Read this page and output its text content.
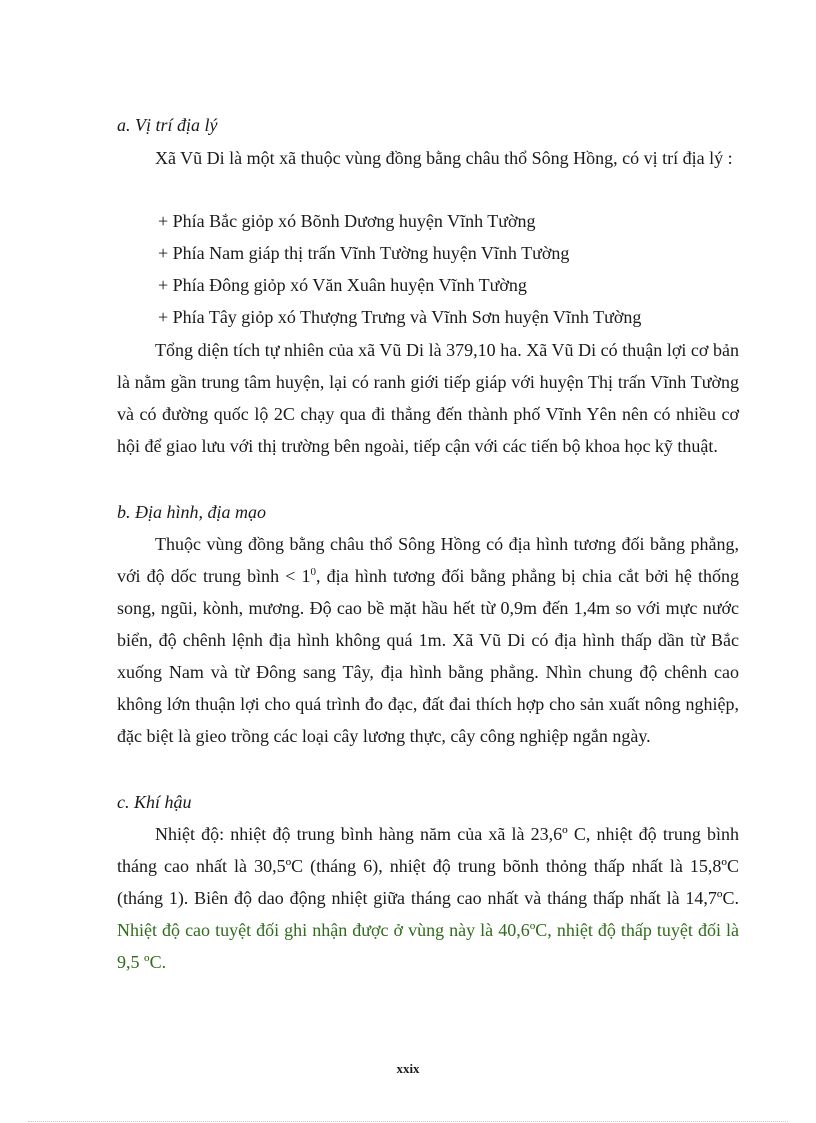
a. Vị trí địa lý

Xã Vũ Di là một xã thuộc vùng đồng bằng châu thổ Sông Hồng, có vị trí địa lý :

+ Phía Bắc giỏp xó Bõnh Dương huyện Vĩnh Tường
+ Phía Nam giáp thị trấn Vĩnh Tường huyện Vĩnh Tường
+ Phía Đông giỏp xó Văn Xuân huyện Vĩnh Tường
+ Phía Tây giỏp xó Thượng Trưng và Vĩnh Sơn huyện Vĩnh Tường

Tổng diện tích tự nhiên của xã Vũ Di là 379,10 ha. Xã Vũ Di có thuận lợi cơ bản là nằm gần trung tâm huyện, lại có ranh giới tiếp giáp với huyện Thị trấn Vĩnh Tường và có đường quốc lộ 2C chạy qua đi thẳng đến thành phố Vĩnh Yên nên có nhiều cơ hội để giao lưu với thị trường bên ngoài, tiếp cận với các tiến bộ khoa học kỹ thuật.

b. Địa hình, địa mạo

Thuộc vùng đồng bằng châu thổ Sông Hồng có địa hình tương đối bằng phẳng, với độ dốc trung bình < $1^0$, địa hình tương đối bằng phẳng bị chia cắt bởi hệ thống song, ngũi, kònh, mương. Độ cao bề mặt hầu hết từ 0,9m đến 1,4m so với mực nước biển, độ chênh lệnh địa hình không quá 1m. Xã Vũ Di có địa hình thấp dần từ Bắc xuống Nam và từ Đông sang Tây, địa hình bằng phẳng. Nhìn chung độ chênh cao không lớn thuận lợi cho quá trình đo đạc, đất đai thích hợp cho sản xuất nông nghiệp, đặc biệt là gieo trồng các loại cây lương thực, cây công nghiệp ngắn ngày.

c. Khí hậu

Nhiệt độ: nhiệt độ trung bình hàng năm của xã là 23,6º C, nhiệt độ trung bình tháng cao nhất là 30,5ºC (tháng 6), nhiệt độ trung bõnh thỏng thấp nhất là 15,8ºC (tháng 1). Biên độ dao động nhiệt giữa tháng cao nhất và tháng thấp nhất là 14,7ºC. Nhiệt độ cao tuyệt đối ghi nhận được ở vùng này là 40,6ºC, nhiệt độ thấp tuyệt đối là 9,5 ºC.

xxix
